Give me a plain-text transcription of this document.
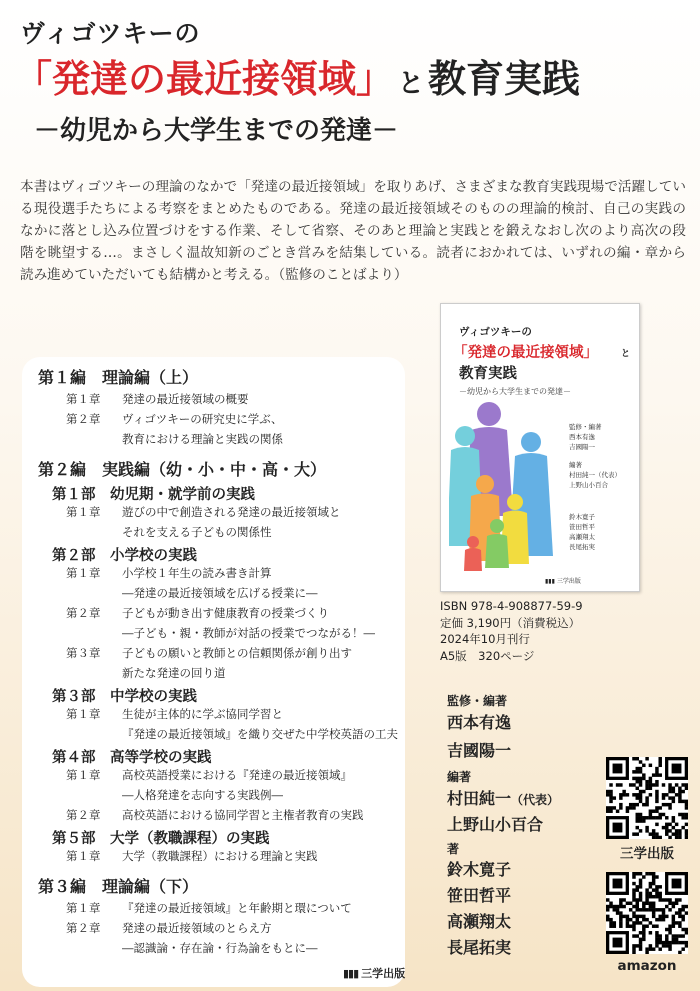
ヴィゴツキーの
「発達の最近接領域」 と 教育実践
－幼児から大学生までの発達－
本書はヴィゴツキーの理論のなかで「発達の最近接領域」を取りあげ、さまざまな教育実践現場で活躍している現役選手たちによる考察をまとめたものである。発達の最近接領域そのものの理論的検討、自己の実践のなかに落とし込み位置づけをする作業、そして省察、そのあと理論と実践とを鍛えなおし次のより高次の段階を眺望する…。まさしく温故知新のごとき営みを結集している。読者におかれては、いずれの編・章から読み進めていただいても結構かと考える。（監修のことばより）
第１編　理論編（上）
第１章 発達の最近接領域の概要
第２章 ヴィゴツキーの研究史に学ぶ、
教育における理論と実践の関係
第２編　実践編（幼・小・中・高・大）
第１部　幼児期・就学前の実践
第１章 遊びの中で創造される発達の最近接領域と
それを支える子どもの関係性
第２部　小学校の実践
第１章 小学校１年生の読み書き計算
―発達の最近接領域を広げる授業に―
第２章 子どもが動き出す健康教育の授業づくり
―子ども・親・教師が対話の授業でつながる！―
第３章 子どもの願いと教師との信頼関係が創り出す
新たな発達の回り道
第３部　中学校の実践
第１章 生徒が主体的に学ぶ協同学習と
『発達の最近接領域』を織り交ぜた中学校英語の工夫
第４部　高等学校の実践
第１章 高校英語授業における『発達の最近接領域』
―人格発達を志向する実践例―
第２章 高校英語における協同学習と主権者教育の実践
第５部　大学（教職課程）の実践
第１章 大学（教職課程）における理論と実践
第３編　理論編（下）
第１章 『発達の最近接領域』と年齢期と環について
第２章 発達の最近接領域のとらえ方
―認識論・存在論・行為論をもとに―
▮▮▮ 三学出版
ヴィゴツキーの
「発達の最近接領域」	と
教育実践
－幼児から大学生までの発達－
監修・編著
西本有逸
吉國陽一
編著
村田純一（代表）
上野山小百合
鈴木寛子
笹田哲平
高瀬翔太
長尾拓実
▮▮▮ 三学出版
ISBN 978-4-908877-59-9
定価 3,190円（消費税込）
2024年10月刊行
A5版　320ページ
監修・編著
西本有逸
吉國陽一
編著
村田純一（代表）
上野山小百合
著
鈴木寛子
笹田哲平
高瀬翔太
長尾拓実
三学出版
amazon
